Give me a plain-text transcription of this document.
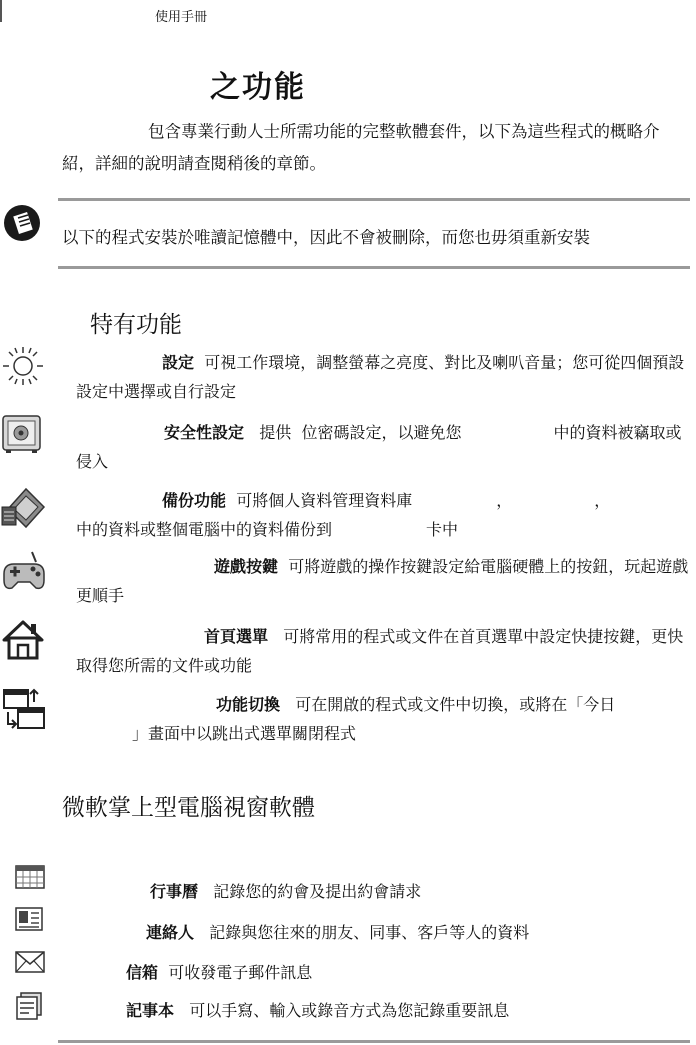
使用手冊
之功能
包含專業行動人士所需功能的完整軟體套件，以下為這些程式的概略介紹，詳細的說明請查閱稍後的章節。
以下的程式安裝於唯讀記憶體中，因此不會被刪除，而您也毋須重新安裝
特有功能
設定 可視工作環境，調整螢幕之亮度、對比及喇叭音量；您可從四個預設設定中選擇或自行設定
安全性設定 提供 位密碼設定，以避免您	中的資料被竊取或侵入
備份功能 可將個人資料管理資料庫	，	，
中的資料或整個電腦中的資料備份到	卡中
遊戲按鍵 可將遊戲的操作按鍵設定給電腦硬體上的按鈕，玩起遊戲更順手
首頁選單 可將常用的程式或文件在首頁選單中設定快捷按鍵，更快取得您所需的文件或功能
功能切換 可在開啟的程式或文件中切換，或將在「今日
」畫面中以跳出式選單關閉程式
微軟掌上型電腦視窗軟體
行事曆 記錄您的約會及提出約會請求
連絡人 記錄與您往來的朋友、同事、客戶等人的資料
信箱 可收發電子郵件訊息
記事本 可以手寫、輸入或錄音方式為您記錄重要訊息
